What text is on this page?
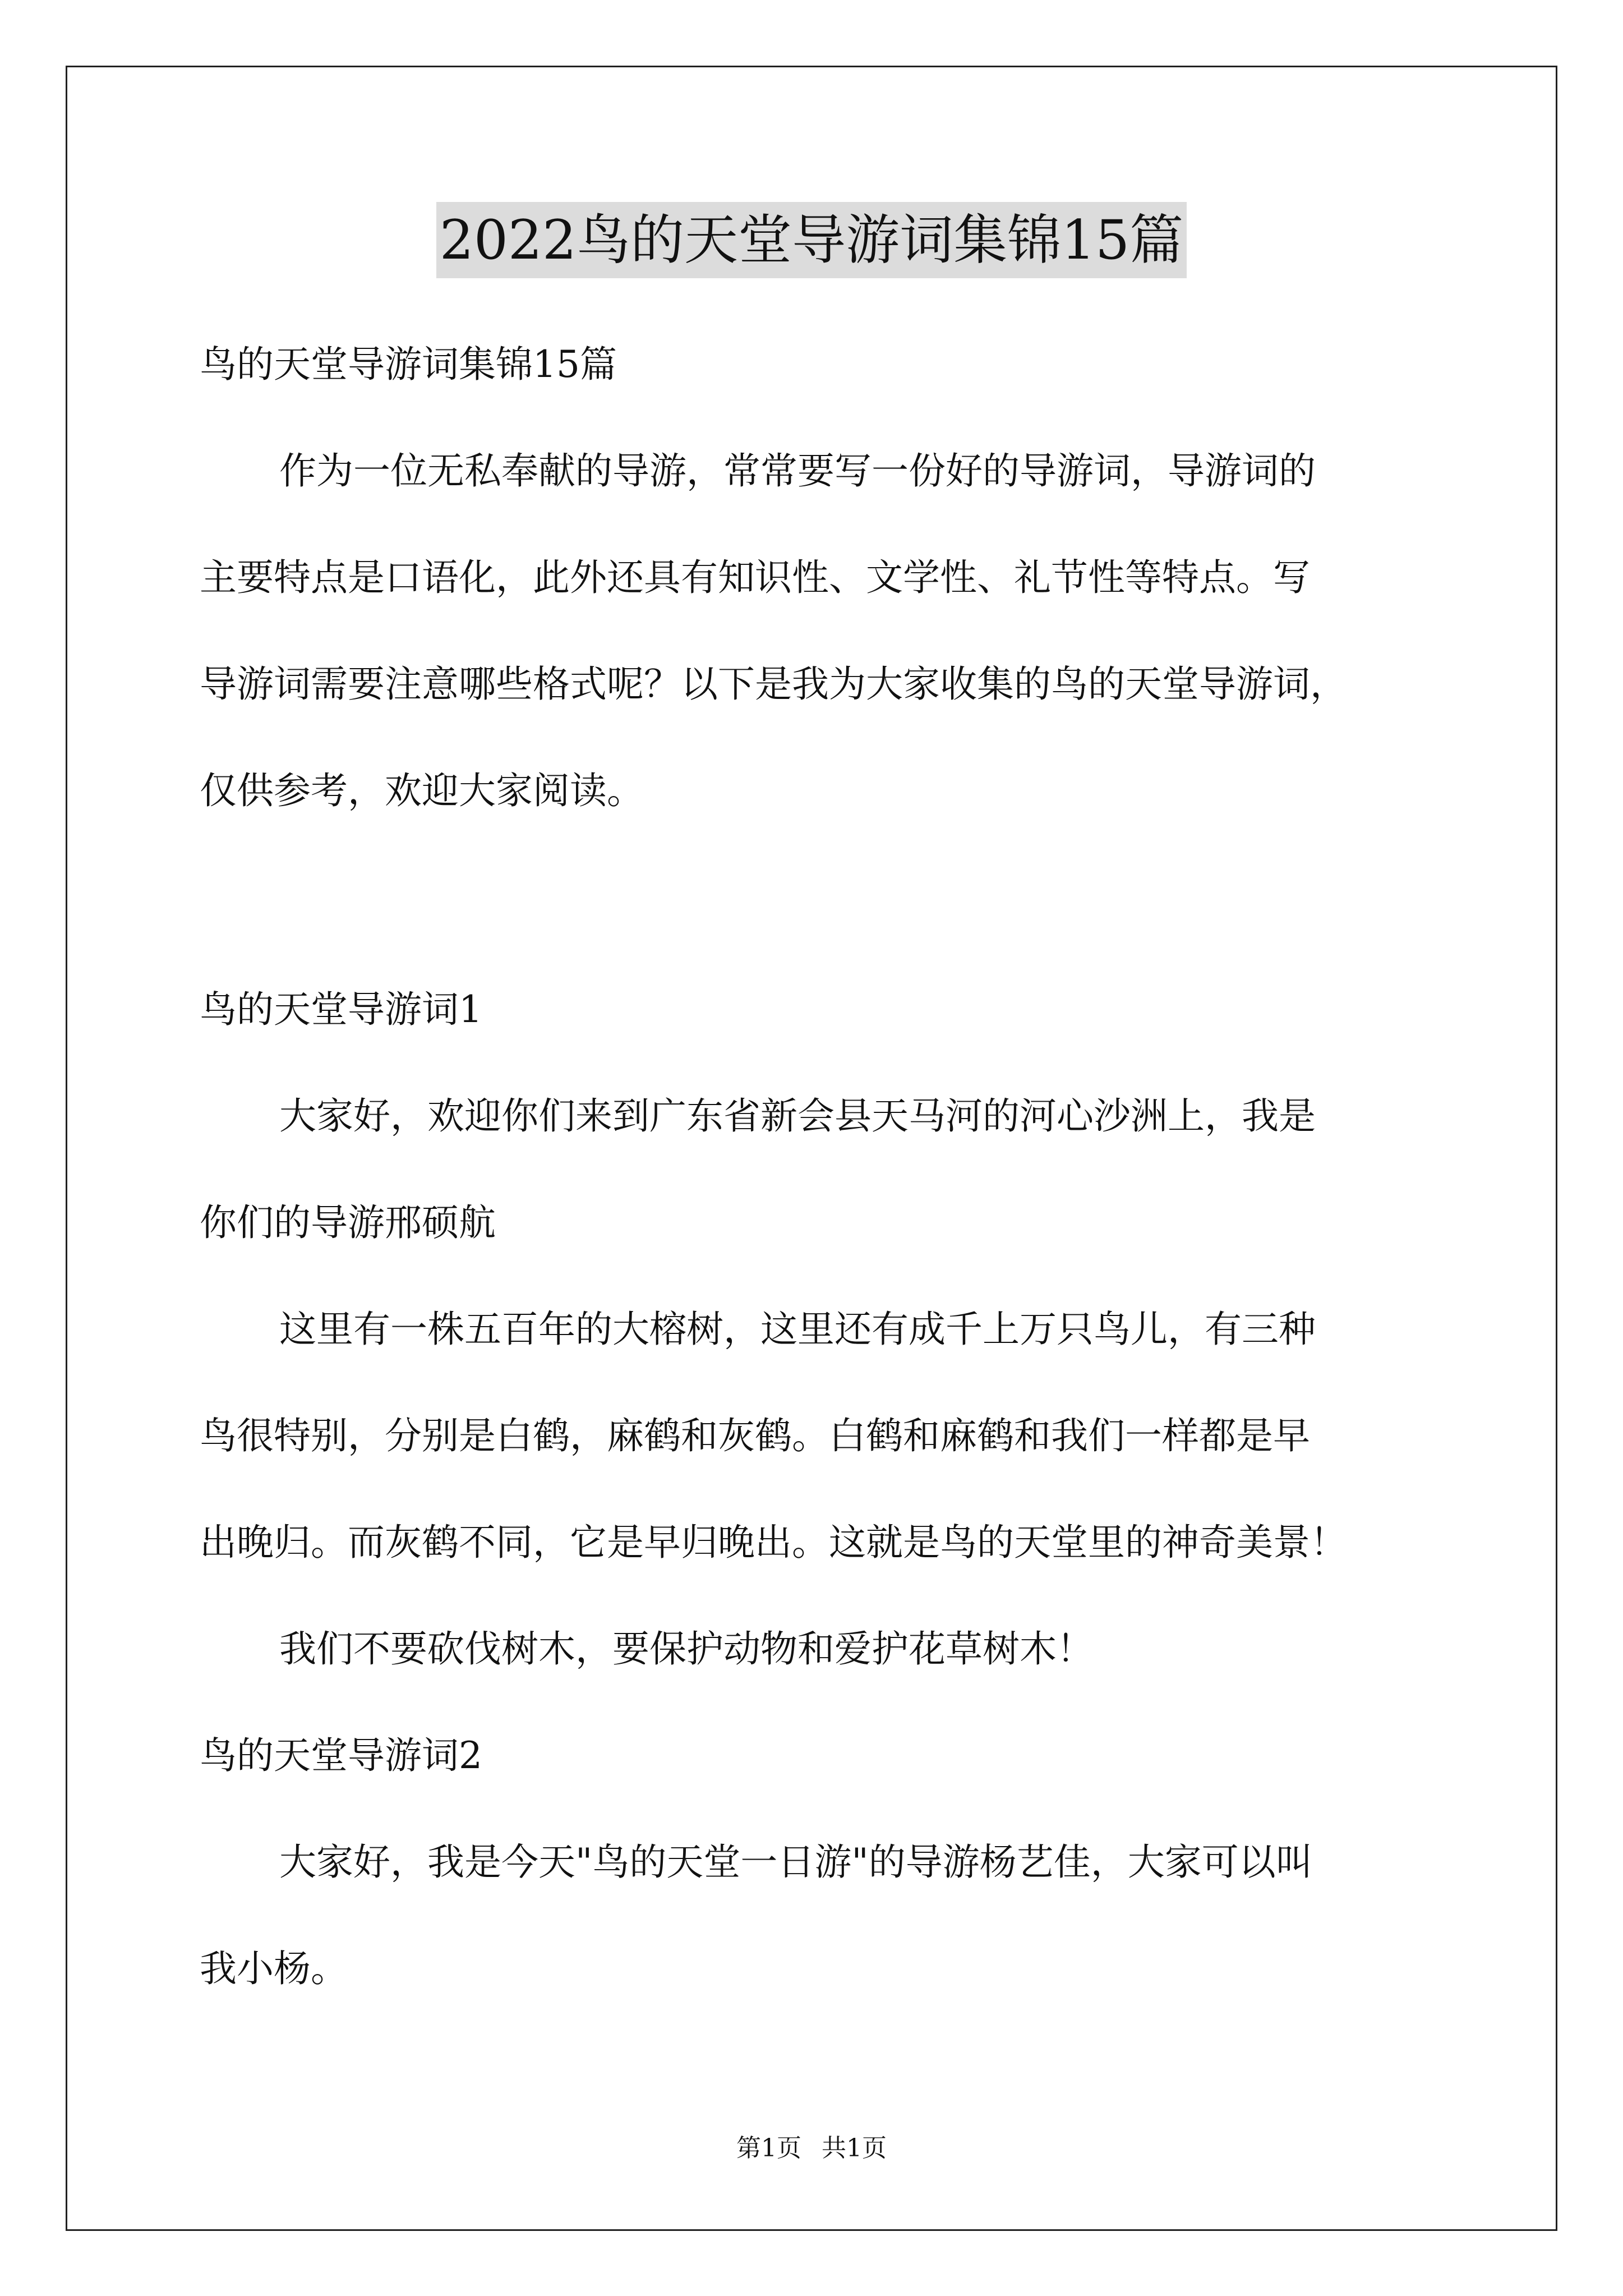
2022鸟的天堂导游词集锦15篇
鸟的天堂导游词集锦15篇
作为一位无私奉献的导游，常常要写一份好的导游词，导游词的
主要特点是口语化，此外还具有知识性、文学性、礼节性等特点。写
导游词需要注意哪些格式呢？以下是我为大家收集的鸟的天堂导游词，
仅供参考，欢迎大家阅读。
鸟的天堂导游词1
大家好，欢迎你们来到广东省新会县天马河的河心沙洲上，我是
你们的导游邢硕航
这里有一株五百年的大榕树，这里还有成千上万只鸟儿，有三种
鸟很特别，分别是白鹤，麻鹤和灰鹤。白鹤和麻鹤和我们一样都是早
出晚归。而灰鹤不同，它是早归晚出。这就是鸟的天堂里的神奇美景！
我们不要砍伐树木，要保护动物和爱护花草树木！
鸟的天堂导游词2
大家好，我是今天"鸟的天堂一日游"的导游杨艺佳，大家可以叫
我小杨。
第1页 共1页
